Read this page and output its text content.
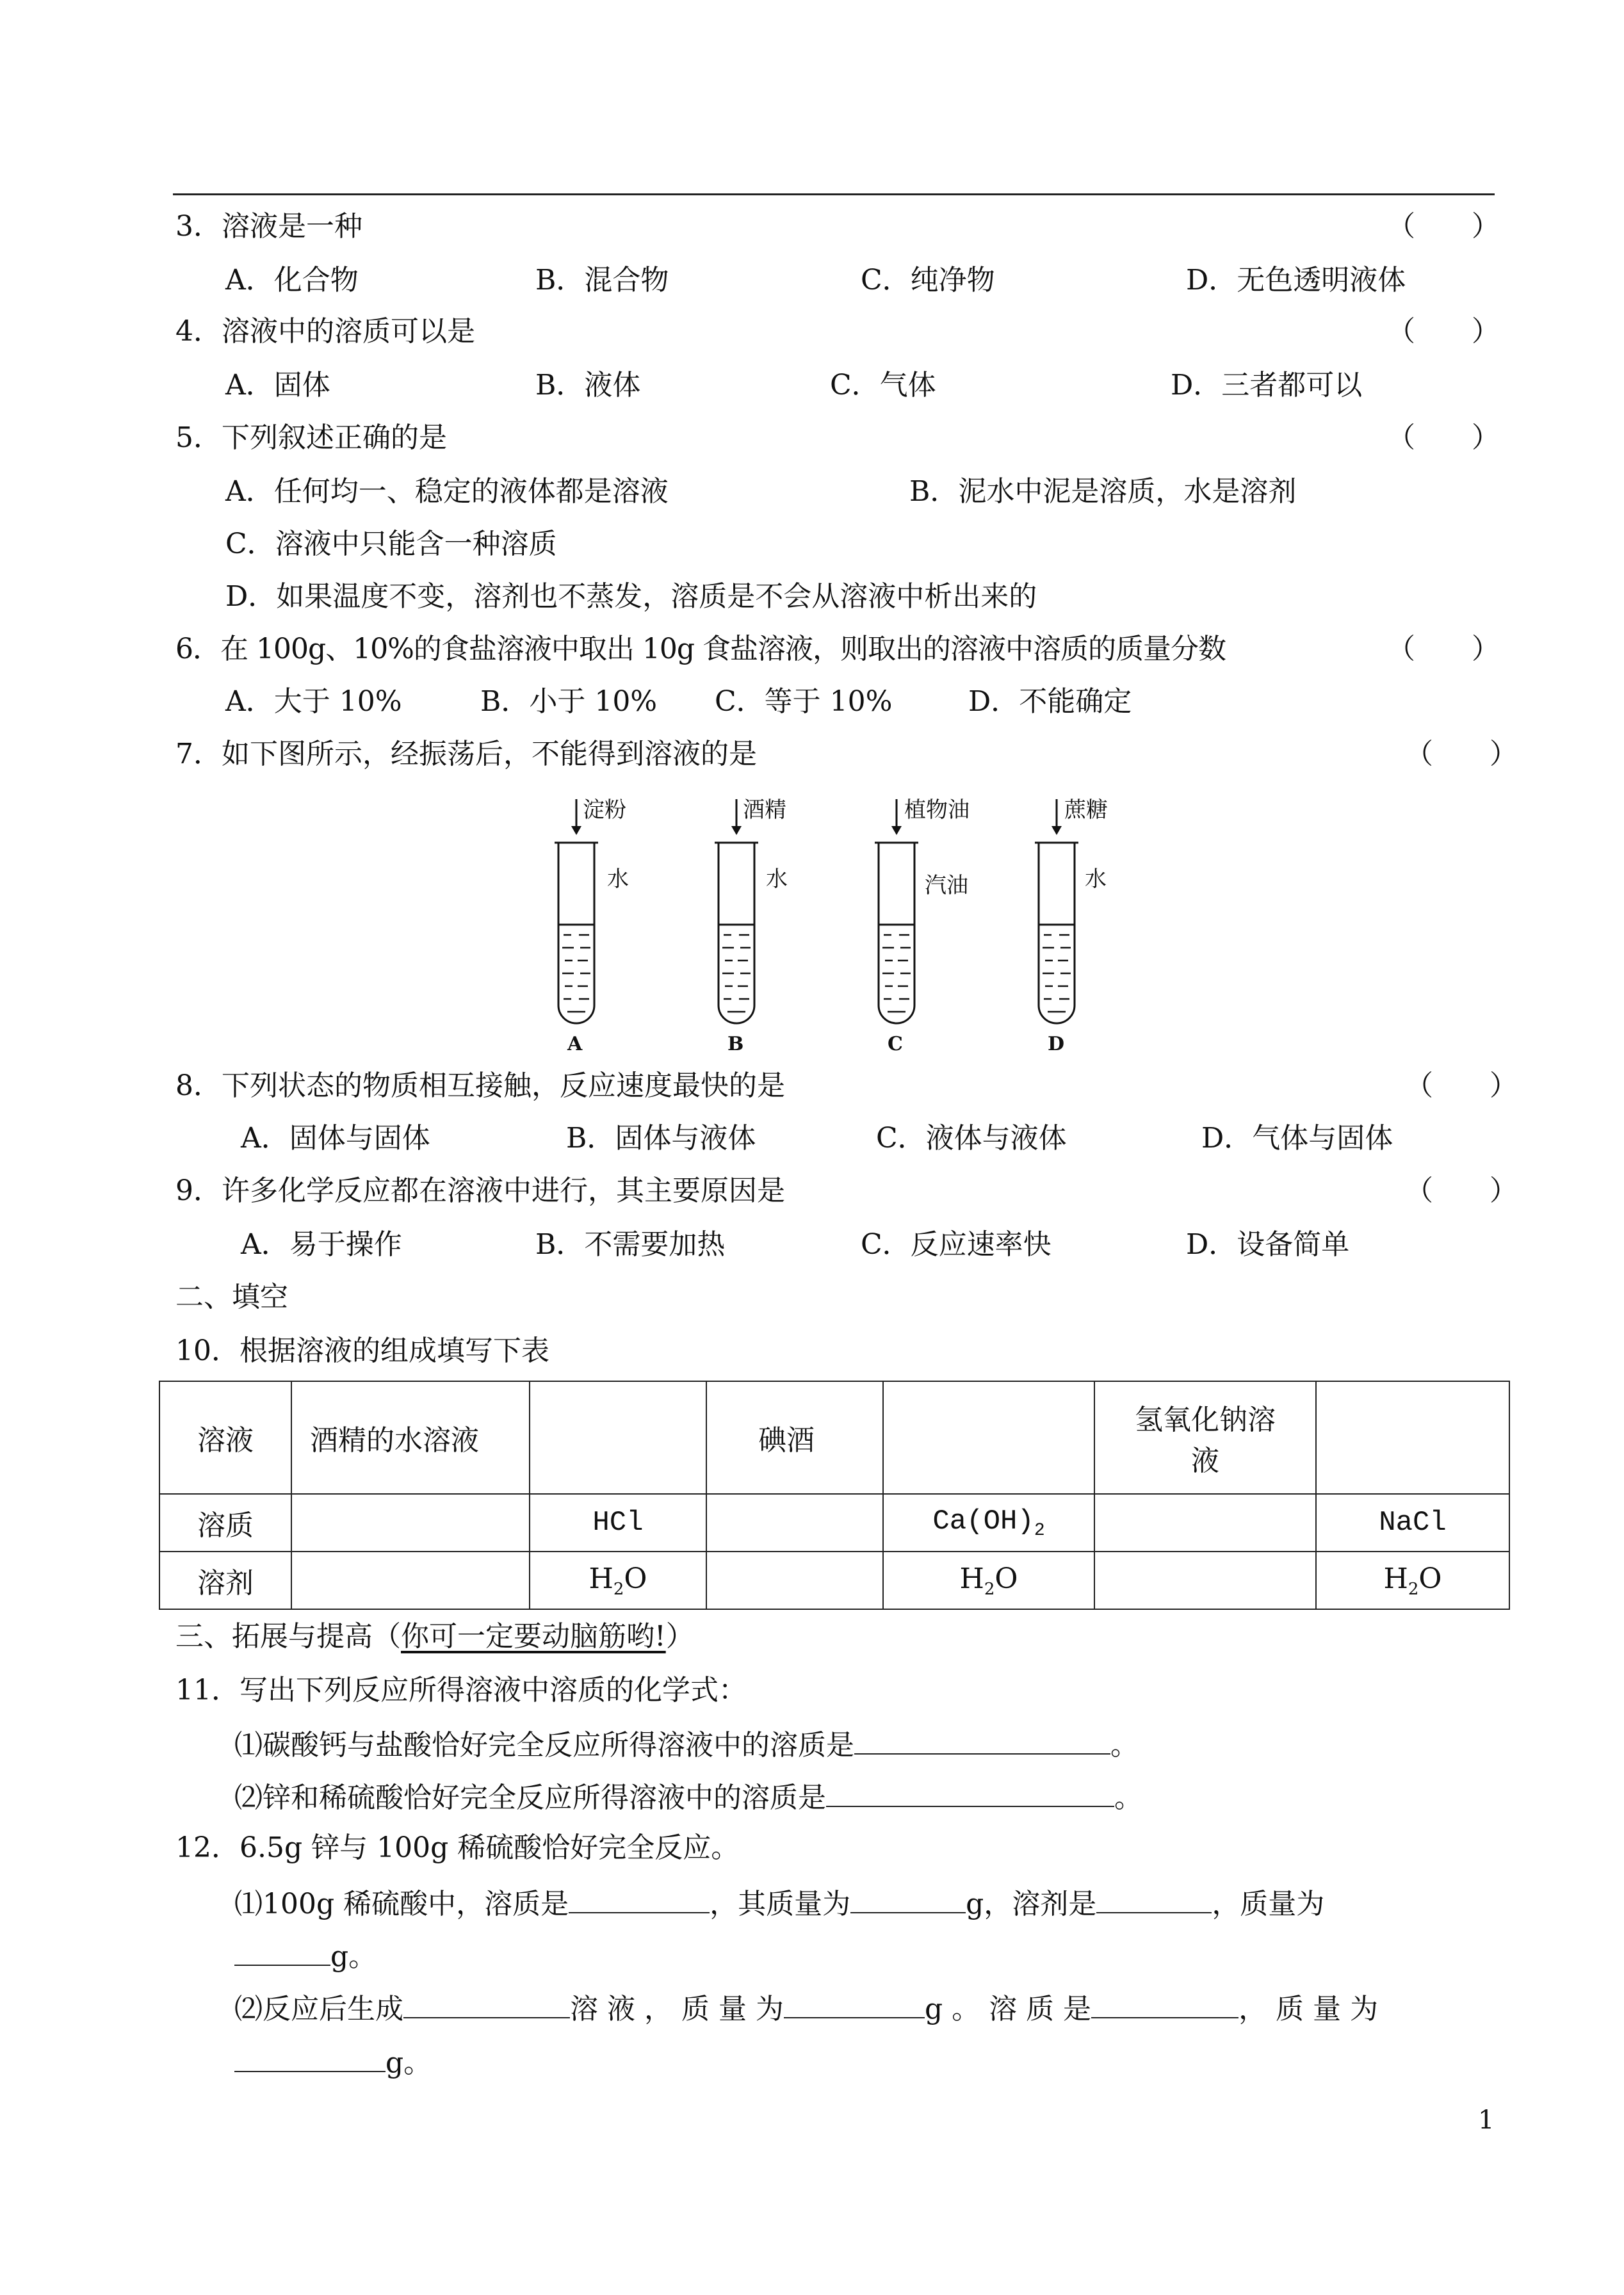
3．溶液是一种	（　　）
A．化合物	B．混合物	C．纯净物	D．无色透明液体
4．溶液中的溶质可以是	（　　）
A．固体	B．液体	C．气体	D．三者都可以
5．下列叙述正确的是	（　　）
A．任何均一、稳定的液体都是溶液	B．泥水中泥是溶质，水是溶剂
C．溶液中只能含一种溶质
D．如果温度不变，溶剂也不蒸发，溶质是不会从溶液中析出来的
6．在 100g、10%的食盐溶液中取出 10g 食盐溶液，则取出的溶液中溶质的质量分数	（　　）
A．大于 10%	B．小于 10% C．等于 10%	D．不能确定
7．如下图所示，经振荡后，不能得到溶液的是	（　　）
淀粉
水
A
酒精
水
B
植物油
汽油
C
蔗糖
水
D
8．下列状态的物质相互接触，反应速度最快的是	（　　）
A．固体与固体	B．固体与液体	C．液体与液体	D．气体与固体
9．许多化学反应都在溶液中进行，其主要原因是	（　　）
A．易于操作	B．不需要加热	C．反应速率快	D．设备简单
二、填空
10．根据溶液的组成填写下表
溶液	酒精的水溶液		碘酒		氢氧化钠溶
液	
溶质		HCl		$Ca(OH)_2$		NaCl
溶剂		$H_2O$		$H_2O$		$H_2O$
三、拓展与提高（你可一定要动脑筋哟!）
11．写出下列反应所得溶液中溶质的化学式：
⑴碳酸钙与盐酸恰好完全反应所得溶液中的溶质是	。
⑵锌和稀硫酸恰好完全反应所得溶液中的溶质是	。
12．6.5g 锌与 100g 稀硫酸恰好完全反应。
⑴100g 稀硫酸中，溶质是	，其质量为	g，溶剂是	，质量为
g。
⑵反应后生成	溶 液 ， 质 量 为	g 。 溶 质 是	， 质 量 为
g。
1
